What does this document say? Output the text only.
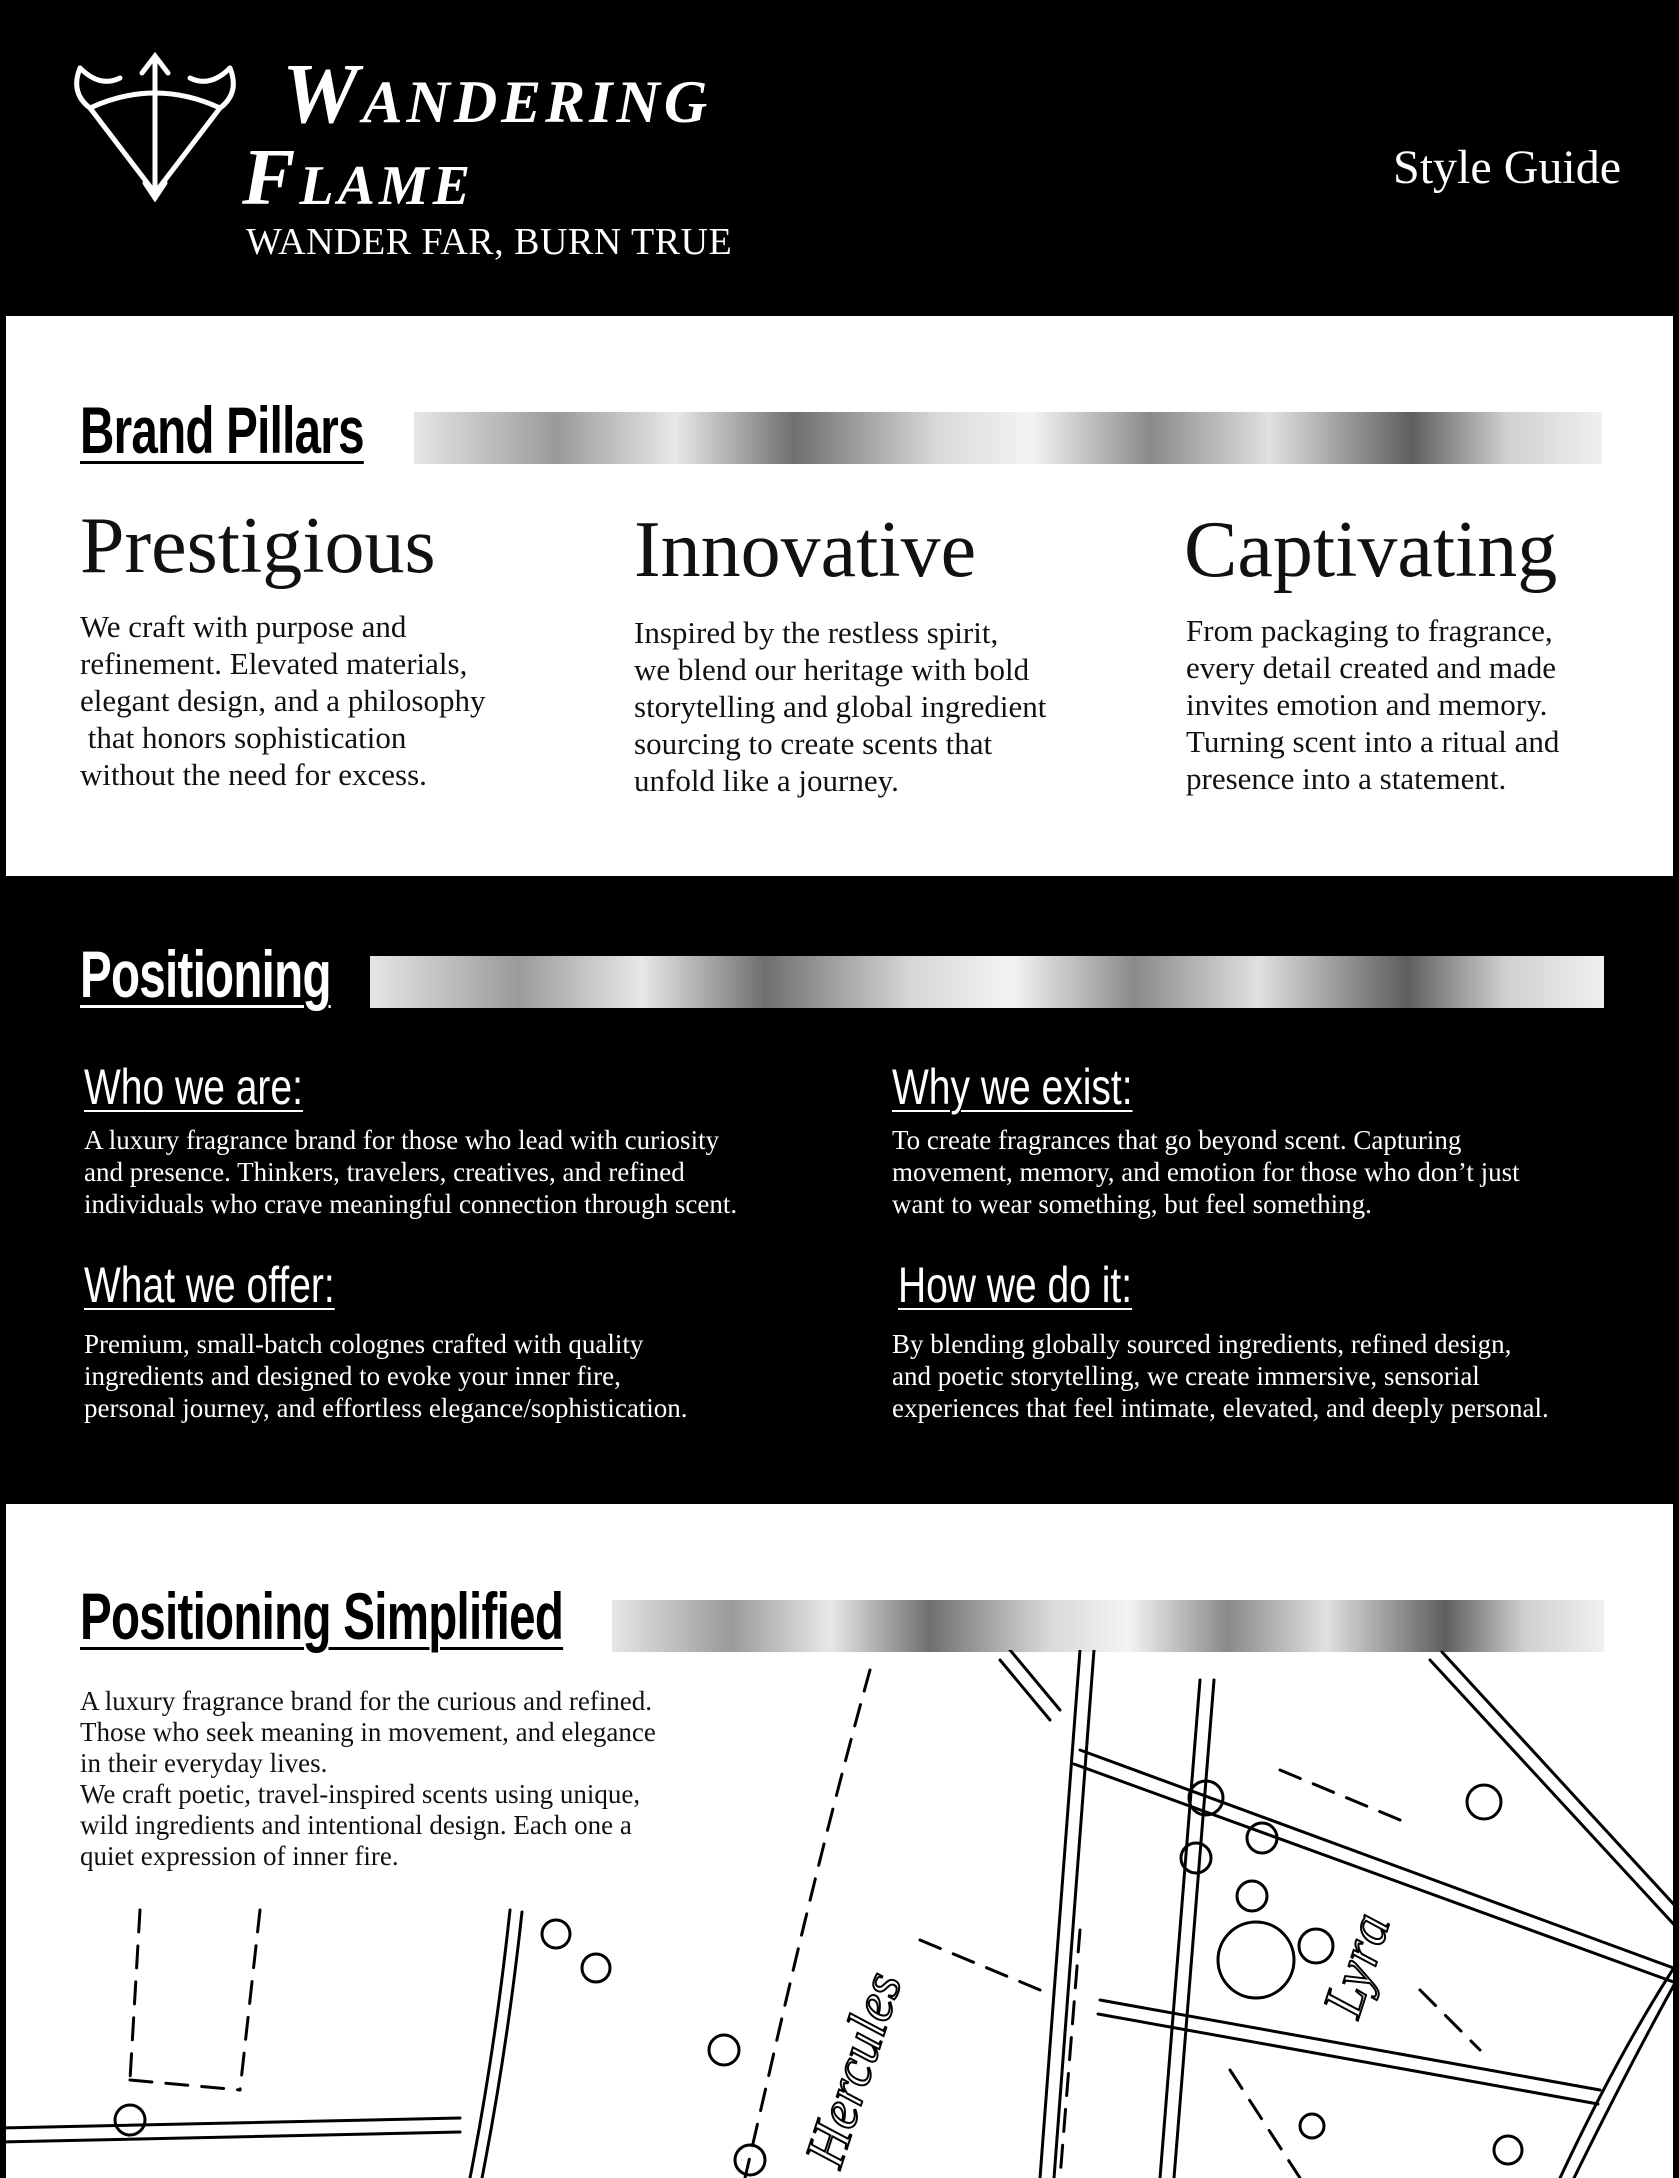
Wandering
Flame
WANDER FAR, BURN TRUE
Style Guide
Brand Pillars
Prestigious
We craft with purpose and
refinement. Elevated materials,
elegant design, and a philosophy
that honors sophistication
without the need for excess.
Innovative
Inspired by the restless spirit,
we blend our heritage with bold
storytelling and global ingredient
sourcing to create scents that
unfold like a journey.
Captivating
From packaging to fragrance,
every detail created and made
invites emotion and memory.
Turning scent into a ritual and
presence into a statement.
Positioning
Who we are:
A luxury fragrance brand for those who lead with curiosity
and presence. Thinkers, travelers, creatives, and refined
individuals who crave meaningful connection through scent.
Why we exist:
To create fragrances that go beyond scent. Capturing
movement, memory, and emotion for those who don’t just
want to wear something, but feel something.
What we offer:
Premium, small-batch colognes crafted with quality
ingredients and designed to evoke your inner fire,
personal journey, and effortless elegance/sophistication.
How we do it:
By blending globally sourced ingredients, refined design,
and poetic storytelling, we create immersive, sensorial
experiences that feel intimate, elevated, and deeply personal.
Positioning Simplified
A luxury fragrance brand for the curious and refined.
Those who seek meaning in movement, and elegance
in their everyday lives.
We craft poetic, travel-inspired scents using unique,
wild ingredients and intentional design. Each one a
quiet expression of inner fire.
Hercules	Lyra
